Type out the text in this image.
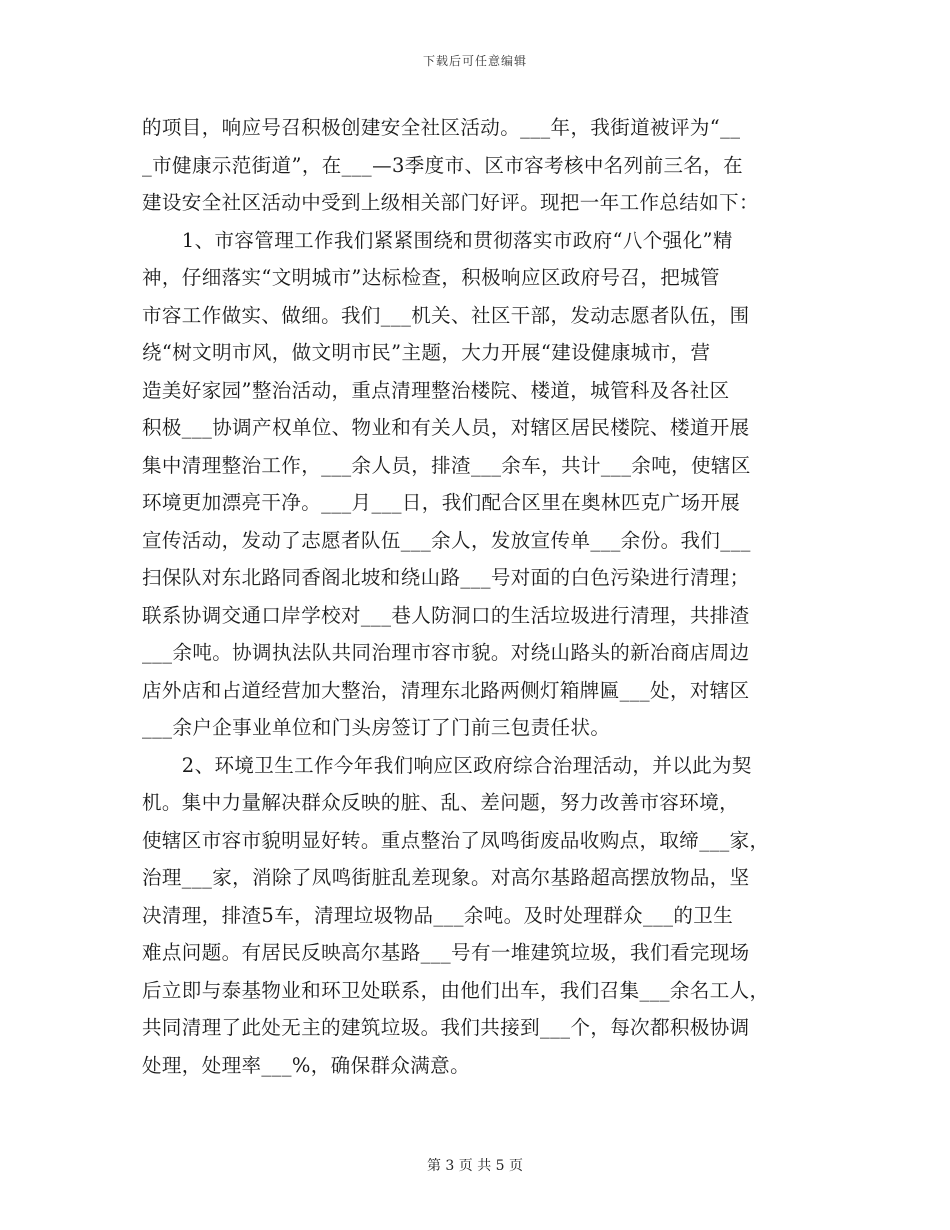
下载后可任意编辑
的项目，响应号召积极创建安全社区活动。___年，我街道被评为“__
_市健康示范街道”，在___—3季度市、区市容考核中名列前三名，在
建设安全社区活动中受到上级相关部门好评。现把一年工作总结如下：
　　1、市容管理工作我们紧紧围绕和贯彻落实市政府“八个强化”精
神，仔细落实“文明城市”达标检查，积极响应区政府号召，把城管
市容工作做实、做细。我们___机关、社区干部，发动志愿者队伍，围
绕“树文明市风，做文明市民”主题，大力开展“建设健康城市，营
造美好家园”整治活动，重点清理整治楼院、楼道，城管科及各社区
积极___协调产权单位、物业和有关人员，对辖区居民楼院、楼道开展
集中清理整治工作，___余人员，排渣___余车，共计___余吨，使辖区
环境更加漂亮干净。___月___日，我们配合区里在奥林匹克广场开展
宣传活动，发动了志愿者队伍___余人，发放宣传单___余份。我们___
扫保队对东北路同香阁北坡和绕山路___号对面的白色污染进行清理；
联系协调交通口岸学校对___巷人防洞口的生活垃圾进行清理，共排渣
___余吨。协调执法队共同治理市容市貌。对绕山路头的新冶商店周边
店外店和占道经营加大整治，清理东北路两侧灯箱牌匾___处，对辖区
___余户企事业单位和门头房签订了门前三包责任状。
　　2、环境卫生工作今年我们响应区政府综合治理活动，并以此为契
机。集中力量解决群众反映的脏、乱、差问题，努力改善市容环境，
使辖区市容市貌明显好转。重点整治了凤鸣街废品收购点，取缔___家，
治理___家，消除了凤鸣街脏乱差现象。对高尔基路超高摆放物品，坚
决清理，排渣5车，清理垃圾物品___余吨。及时处理群众___的卫生
难点问题。有居民反映高尔基路___号有一堆建筑垃圾，我们看完现场
后立即与泰基物业和环卫处联系，由他们出车，我们召集___余名工人，
共同清理了此处无主的建筑垃圾。我们共接到___个，每次都积极协调
处理，处理率___%，确保群众满意。
第 3 页 共 5 页
